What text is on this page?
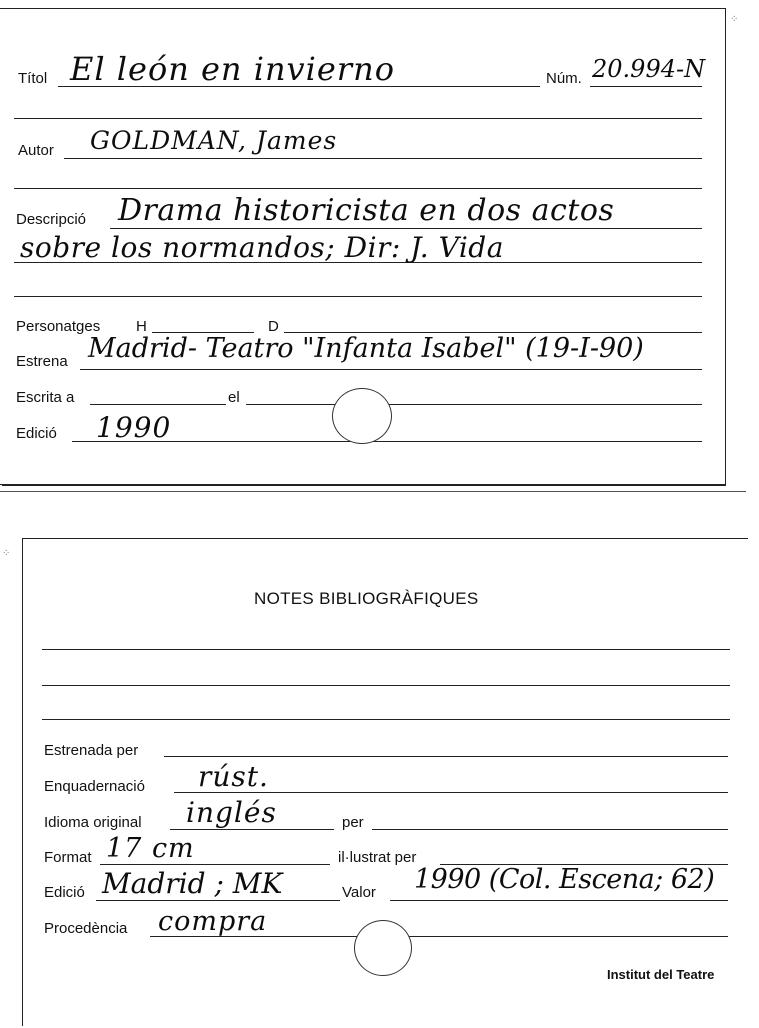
⁘
Títol El león en invierno	Núm. 20.994-N
Autor GOLDMAN, James
Descripció Drama historicista en dos actos
sobre los normandos; Dir: J. Vida
Personatges H	D
Estrena Madrid- Teatro "Infanta Isabel" (19-I-90)
Escrita a	el
Edició 1990
⁘
NOTES BIBLIOGRÀFIQUES
Estrenada per
Enquadernació rúst.
Idioma original inglés	per
Format 17 cm	il·lustrat per
Edició Madrid ; MK	Valor 1990 (Col. Escena; 62)
Procedència compra
Institut del Teatre
